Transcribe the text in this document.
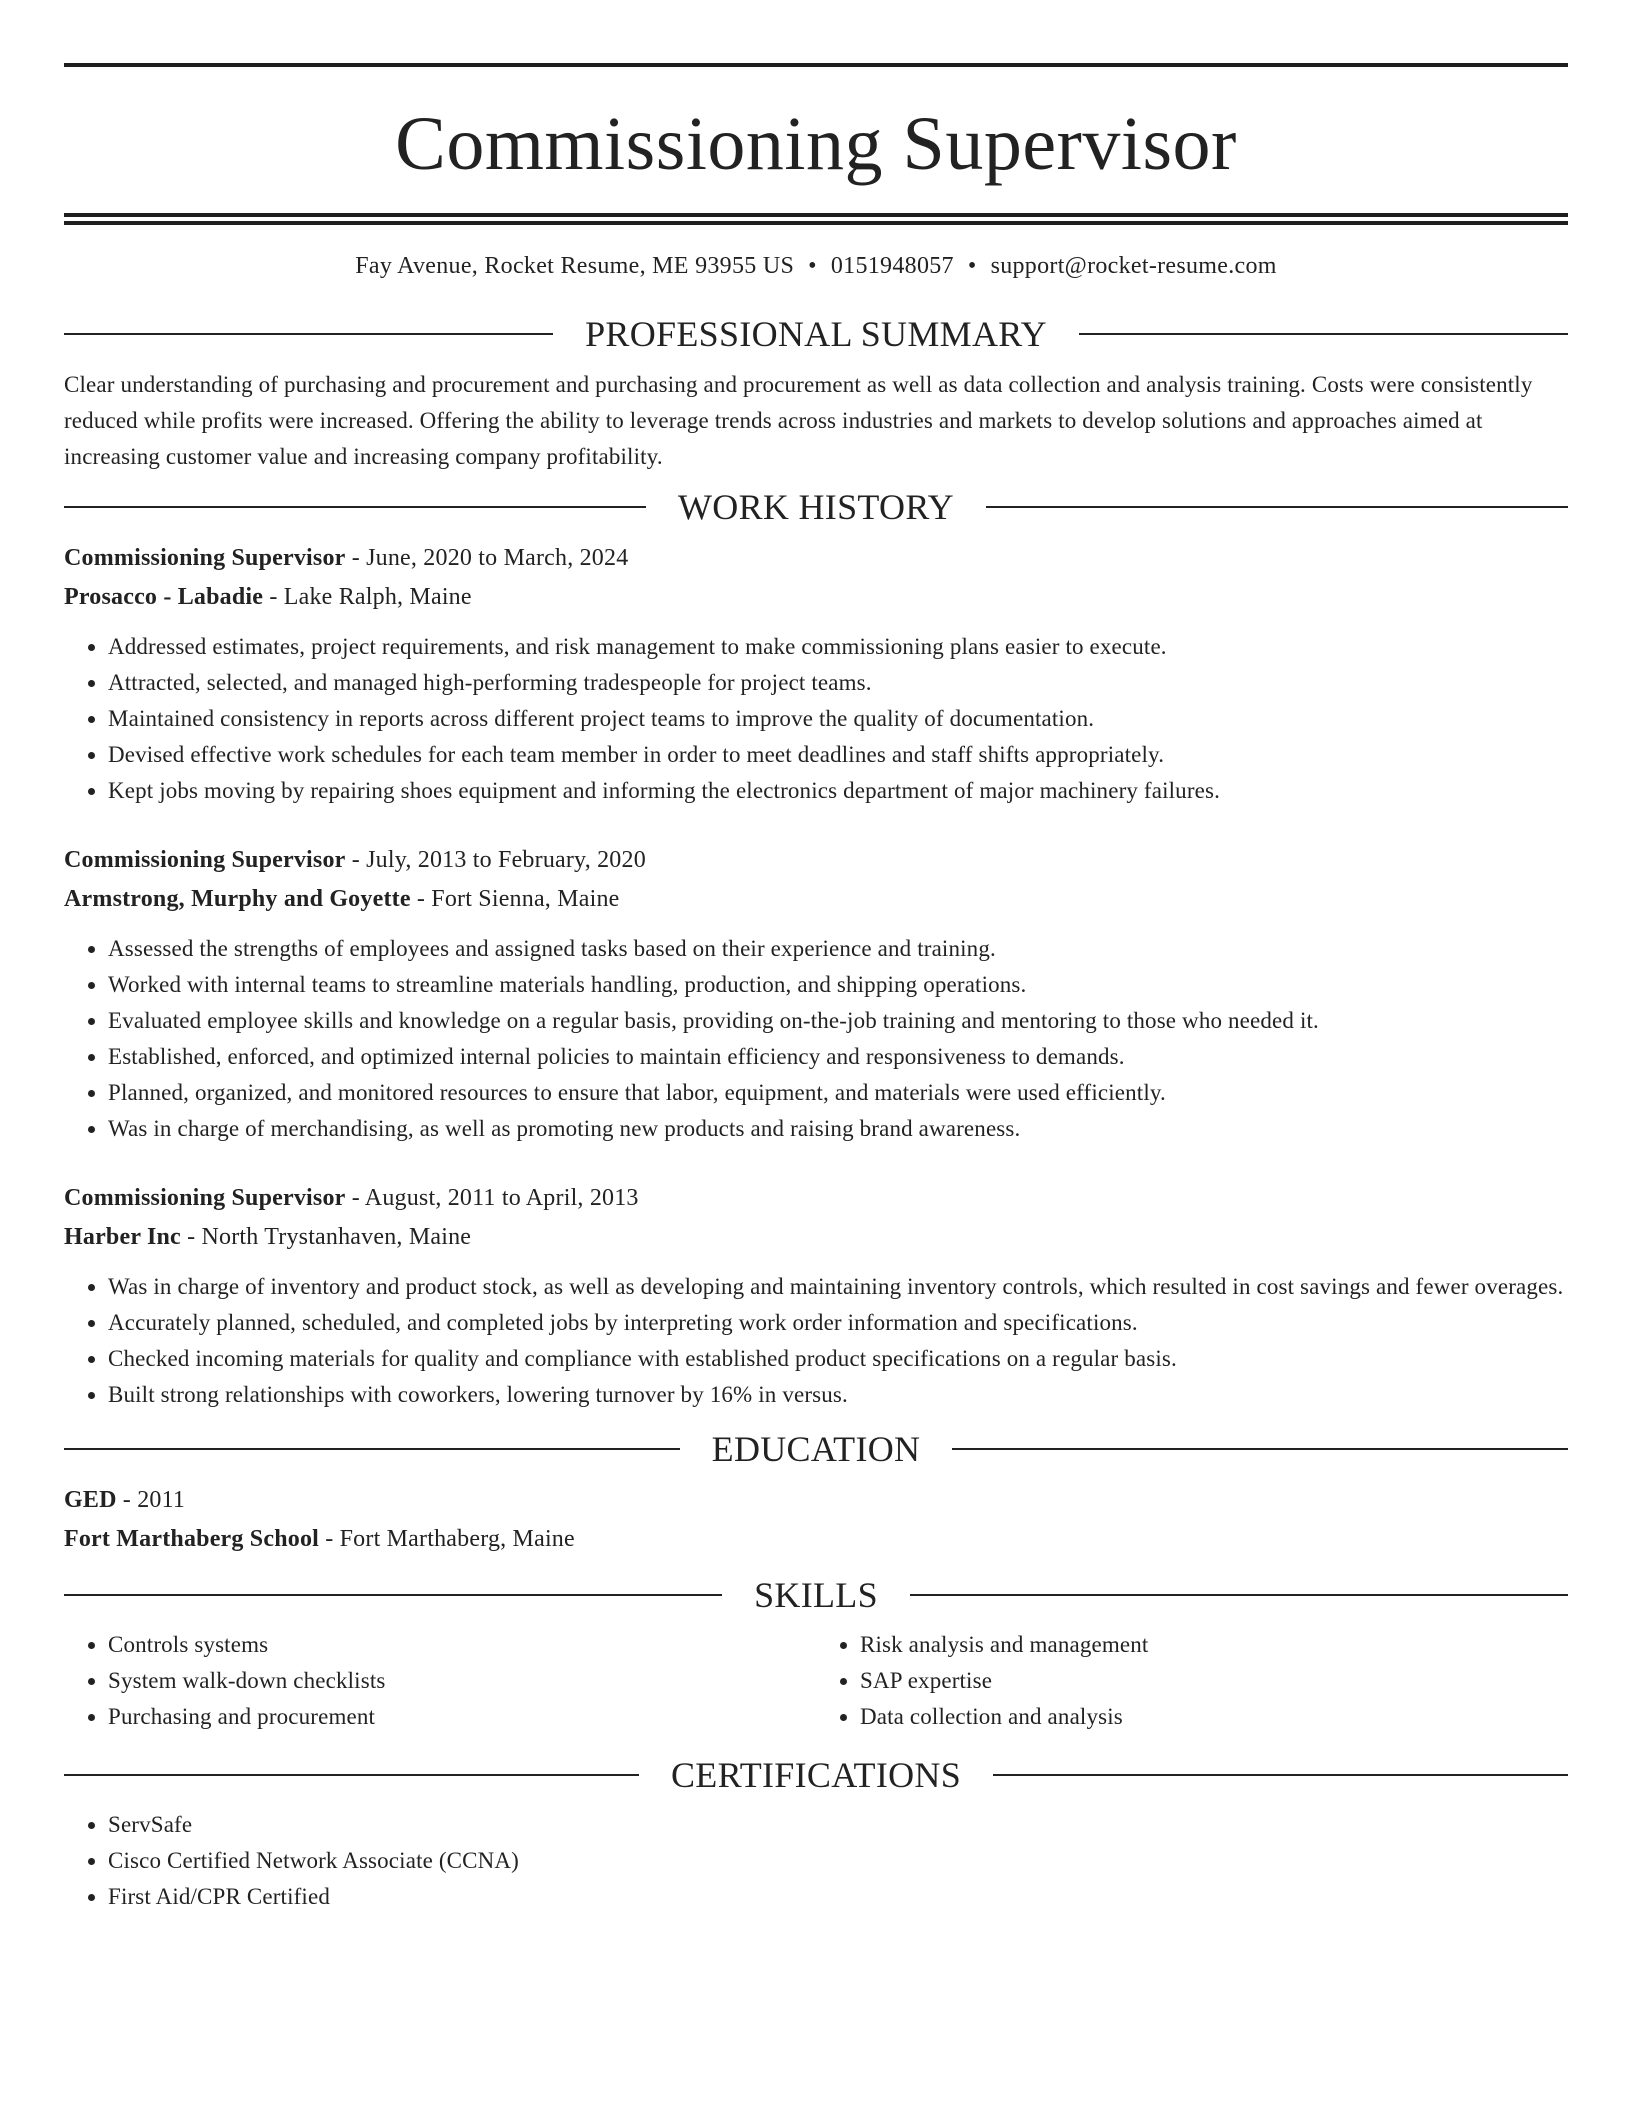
Commissioning Supervisor
Fay Avenue, Rocket Resume, ME 93955 US • 0151948057 • support@rocket-resume.com
PROFESSIONAL SUMMARY

Clear understanding of purchasing and procurement and purchasing and procurement as well as data collection and analysis training. Costs were consistently reduced while profits were increased. Offering the ability to leverage trends across industries and markets to develop solutions and approaches aimed at increasing customer value and increasing company profitability.

WORK HISTORY

Commissioning Supervisor - June, 2020 to March, 2024

Prosacco - Labadie - Lake Ralph, Maine

• Addressed estimates, project requirements, and risk management to make commissioning plans easier to execute.
• Attracted, selected, and managed high-performing tradespeople for project teams.
• Maintained consistency in reports across different project teams to improve the quality of documentation.
• Devised effective work schedules for each team member in order to meet deadlines and staff shifts appropriately.
• Kept jobs moving by repairing shoes equipment and informing the electronics department of major machinery failures.

Commissioning Supervisor - July, 2013 to February, 2020

Armstrong, Murphy and Goyette - Fort Sienna, Maine

• Assessed the strengths of employees and assigned tasks based on their experience and training.
• Worked with internal teams to streamline materials handling, production, and shipping operations.
• Evaluated employee skills and knowledge on a regular basis, providing on-the-job training and mentoring to those who needed it.
• Established, enforced, and optimized internal policies to maintain efficiency and responsiveness to demands.
• Planned, organized, and monitored resources to ensure that labor, equipment, and materials were used efficiently.
• Was in charge of merchandising, as well as promoting new products and raising brand awareness.

Commissioning Supervisor - August, 2011 to April, 2013

Harber Inc - North Trystanhaven, Maine

• Was in charge of inventory and product stock, as well as developing and maintaining inventory controls, which resulted in cost savings and fewer overages.
• Accurately planned, scheduled, and completed jobs by interpreting work order information and specifications.
• Checked incoming materials for quality and compliance with established product specifications on a regular basis.
• Built strong relationships with coworkers, lowering turnover by 16% in versus.
EDUCATION

GED - 2011

Fort Marthaberg School - Fort Marthaberg, Maine

SKILLS
• Controls systems
• System walk-down checklists
• Purchasing and procurement
• Risk analysis and management
• SAP expertise
• Data collection and analysis
CERTIFICATIONS
• ServSafe
• Cisco Certified Network Associate (CCNA)
• First Aid/CPR Certified
